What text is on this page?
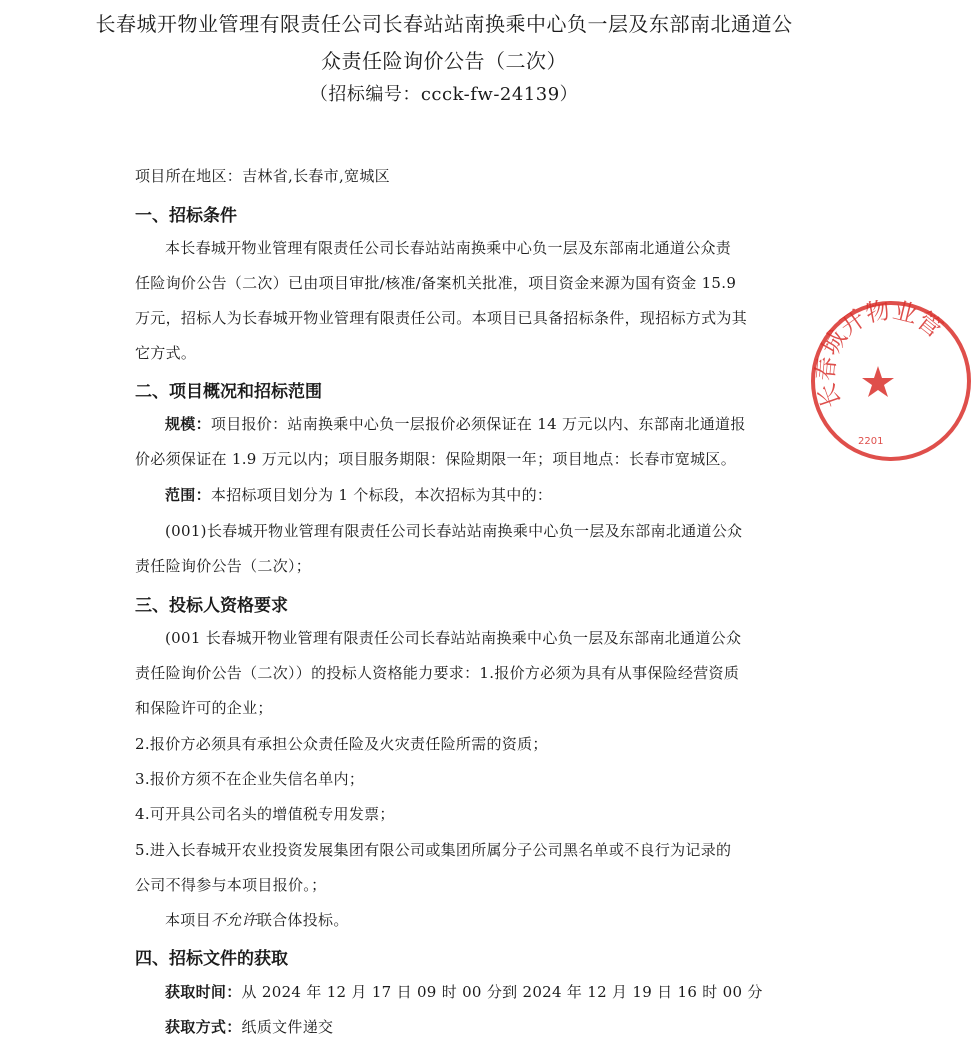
长春城开物业管理有限责任公司长春站站南换乘中心负一层及东部南北通道公
众责任险询价公告（二次）
（招标编号：ccck-fw-24139）
项目所在地区：吉林省,长春市,宽城区
一、招标条件
本长春城开物业管理有限责任公司长春站站南换乘中心负一层及东部南北通道公众责
任险询价公告（二次）已由项目审批/核准/备案机关批准，项目资金来源为国有资金 15.9
万元，招标人为长春城开物业管理有限责任公司。本项目已具备招标条件，现招标方式为其
它方式。
二、项目概况和招标范围
规模：项目报价：站南换乘中心负一层报价必须保证在 14 万元以内、东部南北通道报
价必须保证在 1.9 万元以内；项目服务期限：保险期限一年；项目地点：长春市宽城区。
范围：本招标项目划分为 1 个标段，本次招标为其中的：
(001)长春城开物业管理有限责任公司长春站站南换乘中心负一层及东部南北通道公众
责任险询价公告（二次）；
三、投标人资格要求
(001 长春城开物业管理有限责任公司长春站站南换乘中心负一层及东部南北通道公众
责任险询价公告（二次））的投标人资格能力要求：1.报价方必须为具有从事保险经营资质
和保险许可的企业；
2.报价方必须具有承担公众责任险及火灾责任险所需的资质；
3.报价方须不在企业失信名单内；
4.可开具公司名头的增值税专用发票；
5.进入长春城开农业投资发展集团有限公司或集团所属分子公司黑名单或不良行为记录的
公司不得参与本项目报价。；
本项目不允许联合体投标。
四、招标文件的获取
获取时间：从 2024 年 12 月 17 日 09 时 00 分到 2024 年 12 月 19 日 16 时 00 分
获取方式：纸质文件递交
长春城开物业管
2201
